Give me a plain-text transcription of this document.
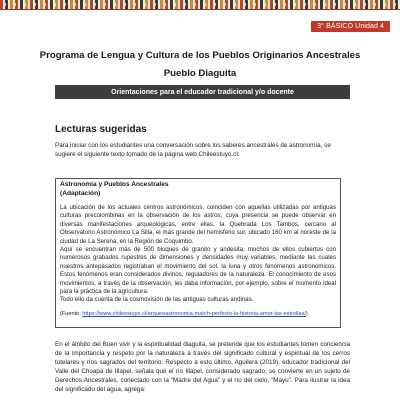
3° BÁSICO Unidad 4
Programa de Lengua y Cultura de los Pueblos Originarios Ancestrales
Pueblo Diaguita
Orientaciones para el educador tradicional y/o docente
Lecturas sugeridas
Para iniciar con los estudiantes una conversación sobre los saberes ancestrales de astronomía, se sugiere el siguiente texto tomado de la página web Chileestuyo.cl:
Astronomía y Pueblos Ancestrales
(Adaptación)
La ubicación de los actuales centros astronómicos, coinciden con aquellas utilizadas por antiguas culturas precolombinas en la observación de los astros, cuya presencia se puede observar en diversas manifestaciones arqueológicas, entre ellas, la Quebrada Los Tambos, cercano al Observatorio Astronómico La Silla, el más grande del hemisferio sur, ubicado 160 km al noreste de la ciudad de La Serena, en la Región de Coquimbo.
Aquí se encuentran más de 500 bloques de granito y andesita, muchos de ellos cubiertos con numerosos grabados rupestres de dimensiones y densidades muy variables, mediante las cuales nuestros antepasados registraban el movimiento del sol, la luna y otros fenómenos astronómicos. Estos fenómenos eran considerados divinos, reguladores de la naturaleza. El conocimiento de esos movimientos, a través de la observación, les daba información, por ejemplo, sobre el momento ideal para la práctica de la agricultura.
Todo ello da cuenta de la cosmovisión de las antiguas culturas andinas.
(Fuente: https://www.chileestuyo.cl/arqueoastronomia-match-perfecto-la-historia-amor-las-estrellas/)
En el ámbito del Buen vivir y la espiritualidad diaguita, se pretende que los estudiantes tomen conciencia de la importancia y respeto por la naturaleza a través del significado cultural y espiritual de los cerros tutelares y ríos sagrados del territorio. Respecto a esto último, Aguilera (2019), educador tradicional del Valle del Choapa de Illapel, señala que el río Illapel, considerado sagrado, se convierte en un sujeto de Derechos Ancestrales, conectado con la “Madre del Agua” y el río del cielo, “Mayu”. Para ilustrar la idea del significado del agua, agrega:
